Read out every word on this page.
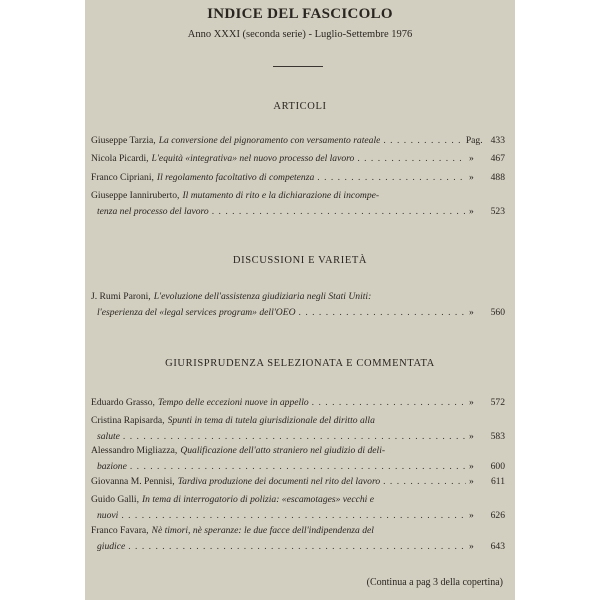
INDICE DEL FASCICOLO
Anno XXXI (seconda serie) - Luglio-Settembre 1976
ARTICOLI
Giuseppe Tarzia, La conversione del pignoramento con versamento rateale . . .	Pag. 433
Nicola Picardi, L'equità «integrativa» nel nuovo processo del lavoro . . .	» 467
Franco Cipriani, Il regolamento facoltativo di competenza . . .	» 488
Giuseppe Iannirubertο, Il mutamento di rito e la dichiarazione di incompe-
tenza nel processo del lavoro . . .	» 523
DISCUSSIONI E VARIETÀ
J. Rumi Paroni, L'evoluzione dell'assistenza giudiziaria negli Stati Uniti:
l'esperienza del «legal services program» dell'OEO . . .	» 560
GIURISPRUDENZA SELEZIONATA E COMMENTATA
Eduardo Grasso, Tempo delle eccezioni nuove in appello . . .	» 572
Cristina Rapisarda, Spunti in tema di tutela giurisdizionale del diritto alla
salute . . .	» 583
Alessandro Migliazza, Qualificazione dell'atto straniero nel giudizio di deli-
bazione . . .	» 600
Giovanna M. Pennisi, Tardiva produzione dei documenti nel rito del lavoro . . .	» 611
Guido Galli, In tema di interrogatorio di polizia: «escamotages» vecchi e
nuovi . . .	» 626
Franco Favara, Nè timori, nè speranze: le due facce dell'indipendenza del
giudice . . .	» 643
(Continua a pag 3 della copertina)
